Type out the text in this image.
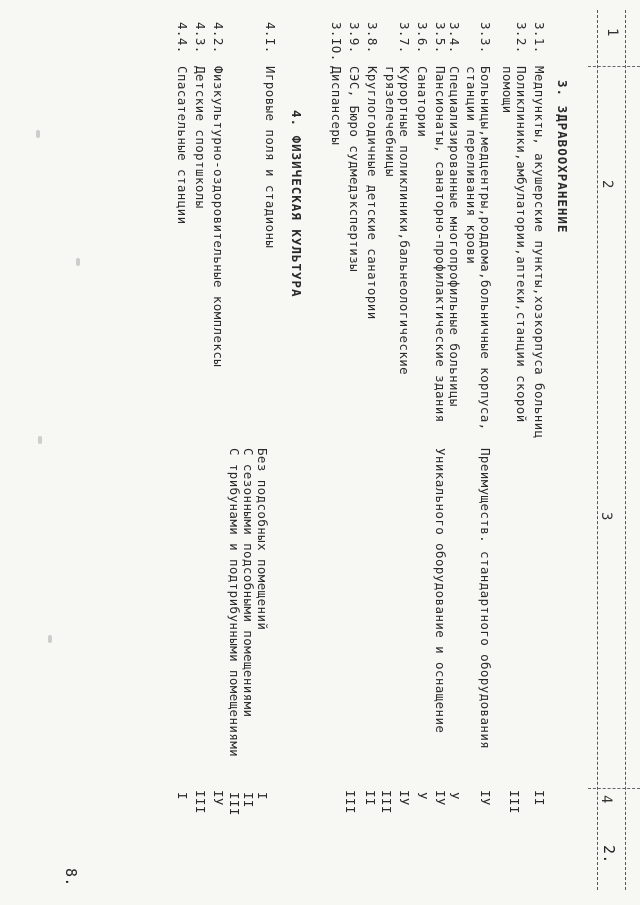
2.
1
2
3
4
3. ЗДРАВООХРАНЕНИЕ
3.1.
Медпункты, акушерские пункты,хозкорпуса больниц
II
3.2.
Поликлиники,амбулатории,аптеки,станции скорой
помощи
III
3.3.
Больницы,медцентры,роддома,больничные корпуса,
станции переливания крови
Преимуществ. стандартного оборудования
IУ
3.4.
Специализированные многопрофильные больницы
У
3.5.
Пансионаты, санаторно-профилактические здания
Уникального оборудование и оснащение
IУ
3.6.
Санатории
У
3.7.
Курортные поликлиники,бальнеологические
грязелечебницы
IУ
3.8.
Круглогодичные детские санатории
III
3.9.
СЭС, Бюро судмедэкспертизы
II
3.IO.
Диспансеры
III
4. ФИЗИЧЕСКАЯ КУЛЬТУРА
4.I.
Игровые поля и стадионы
Без подсобных помещений
С сезонными подсобными помещениями
С трибунами и подтрибунными помещениями
I
II
III
4.2.
Физкультурно-оздоровительные комплексы
IУ
4.3.
Детские спортшколы
III
4.4.
Спасательные станции
I
8.
